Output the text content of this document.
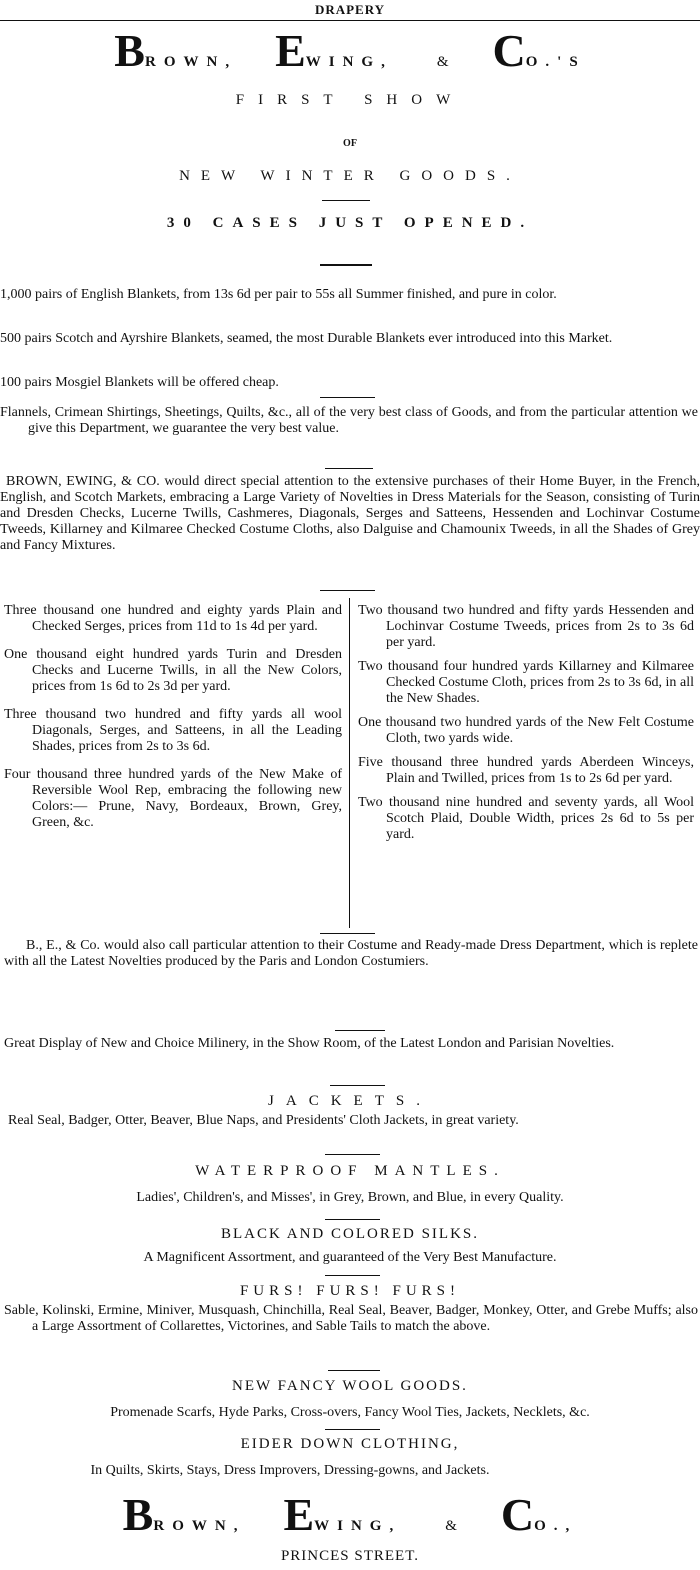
DRAPERY
BROWN, EWING,	& CO.'S
FIRST SHOW
OF
NEW WINTER GOODS.
30 CASES JUST OPENED.
1,000 pairs of English Blankets, from 13s 6d per pair to 55s all Summer finished, and pure in color.
500 pairs Scotch and Ayrshire Blankets, seamed, the most Durable Blankets ever introduced into this Market.
100 pairs Mosgiel Blankets will be offered cheap.
Flannels, Crimean Shirtings, Sheetings, Quilts, &c., all of the very best class of Goods, and from the particular attention we give this Department, we guarantee the very best value.
BROWN, EWING, & CO. would direct special attention to the extensive purchases of their Home Buyer, in the French, English, and Scotch Markets, embracing a Large Variety of Novelties in Dress Materials for the Season, consisting of Turin and Dresden Checks, Lucerne Twills, Cashmeres, Diagonals, Serges and Satteens, Hessenden and Lochinvar Costume Tweeds, Killarney and Kilmaree Checked Costume Cloths, also Dalguise and Chamounix Tweeds, in all the Shades of Grey and Fancy Mixtures.

Three thousand one hundred and eighty yards Plain and Checked Serges, prices from 11d to 1s 4d per yard.

One thousand eight hundred yards Turin and Dresden Checks and Lucerne Twills, in all the New Colors, prices from 1s 6d to 2s 3d per yard.

Three thousand two hundred and fifty yards all wool Diagonals, Serges, and Satteens, in all the Leading Shades, prices from 2s to 3s 6d.

Four thousand three hundred yards of the New Make of Reversible Wool Rep, embracing the following new Colors:— Prune, Navy, Bordeaux, Brown, Grey, Green, &c.

Two thousand two hundred and fifty yards Hessenden and Lochinvar Costume Tweeds, prices from 2s to 3s 6d per yard.

Two thousand four hundred yards Killarney and Kilmaree Checked Costume Cloth, prices from 2s to 3s 6d, in all the New Shades.

One thousand two hundred yards of the New Felt Costume Cloth, two yards wide.

Five thousand three hundred yards Aberdeen Winceys, Plain and Twilled, prices from 1s to 2s 6d per yard.

Two thousand nine hundred and seventy yards, all Wool Scotch Plaid, Double Width, prices 2s 6d to 5s per yard.

B., E., & Co. would also call particular attention to their Costume and Ready-made Dress Department, which is replete with all the Latest Novelties produced by the Paris and London Costumiers.
Great Display of New and Choice Milinery, in the Show Room, of the Latest London and Parisian Novelties.
JACKETS.
Real Seal, Badger, Otter, Beaver, Blue Naps, and Presidents' Cloth Jackets, in great variety.
WATERPROOF MANTLES.
Ladies', Children's, and Misses', in Grey, Brown, and Blue, in every Quality.
BLACK AND COLORED SILKS.
A Magnificent Assortment, and guaranteed of the Very Best Manufacture.
FURS! FURS! FURS!
Sable, Kolinski, Ermine, Miniver, Musquash, Chinchilla, Real Seal, Beaver, Badger, Monkey, Otter, and Grebe Muffs; also a Large Assortment of Collarettes, Victorines, and Sable Tails to match the above.
NEW FANCY WOOL GOODS.
Promenade Scarfs, Hyde Parks, Cross-overs, Fancy Wool Ties, Jackets, Necklets, &c.
EIDER DOWN CLOTHING,
In Quilts, Skirts, Stays, Dress Improvers, Dressing-gowns, and Jackets.
BROWN, EWING,	& CO.,
PRINCES STREET.
